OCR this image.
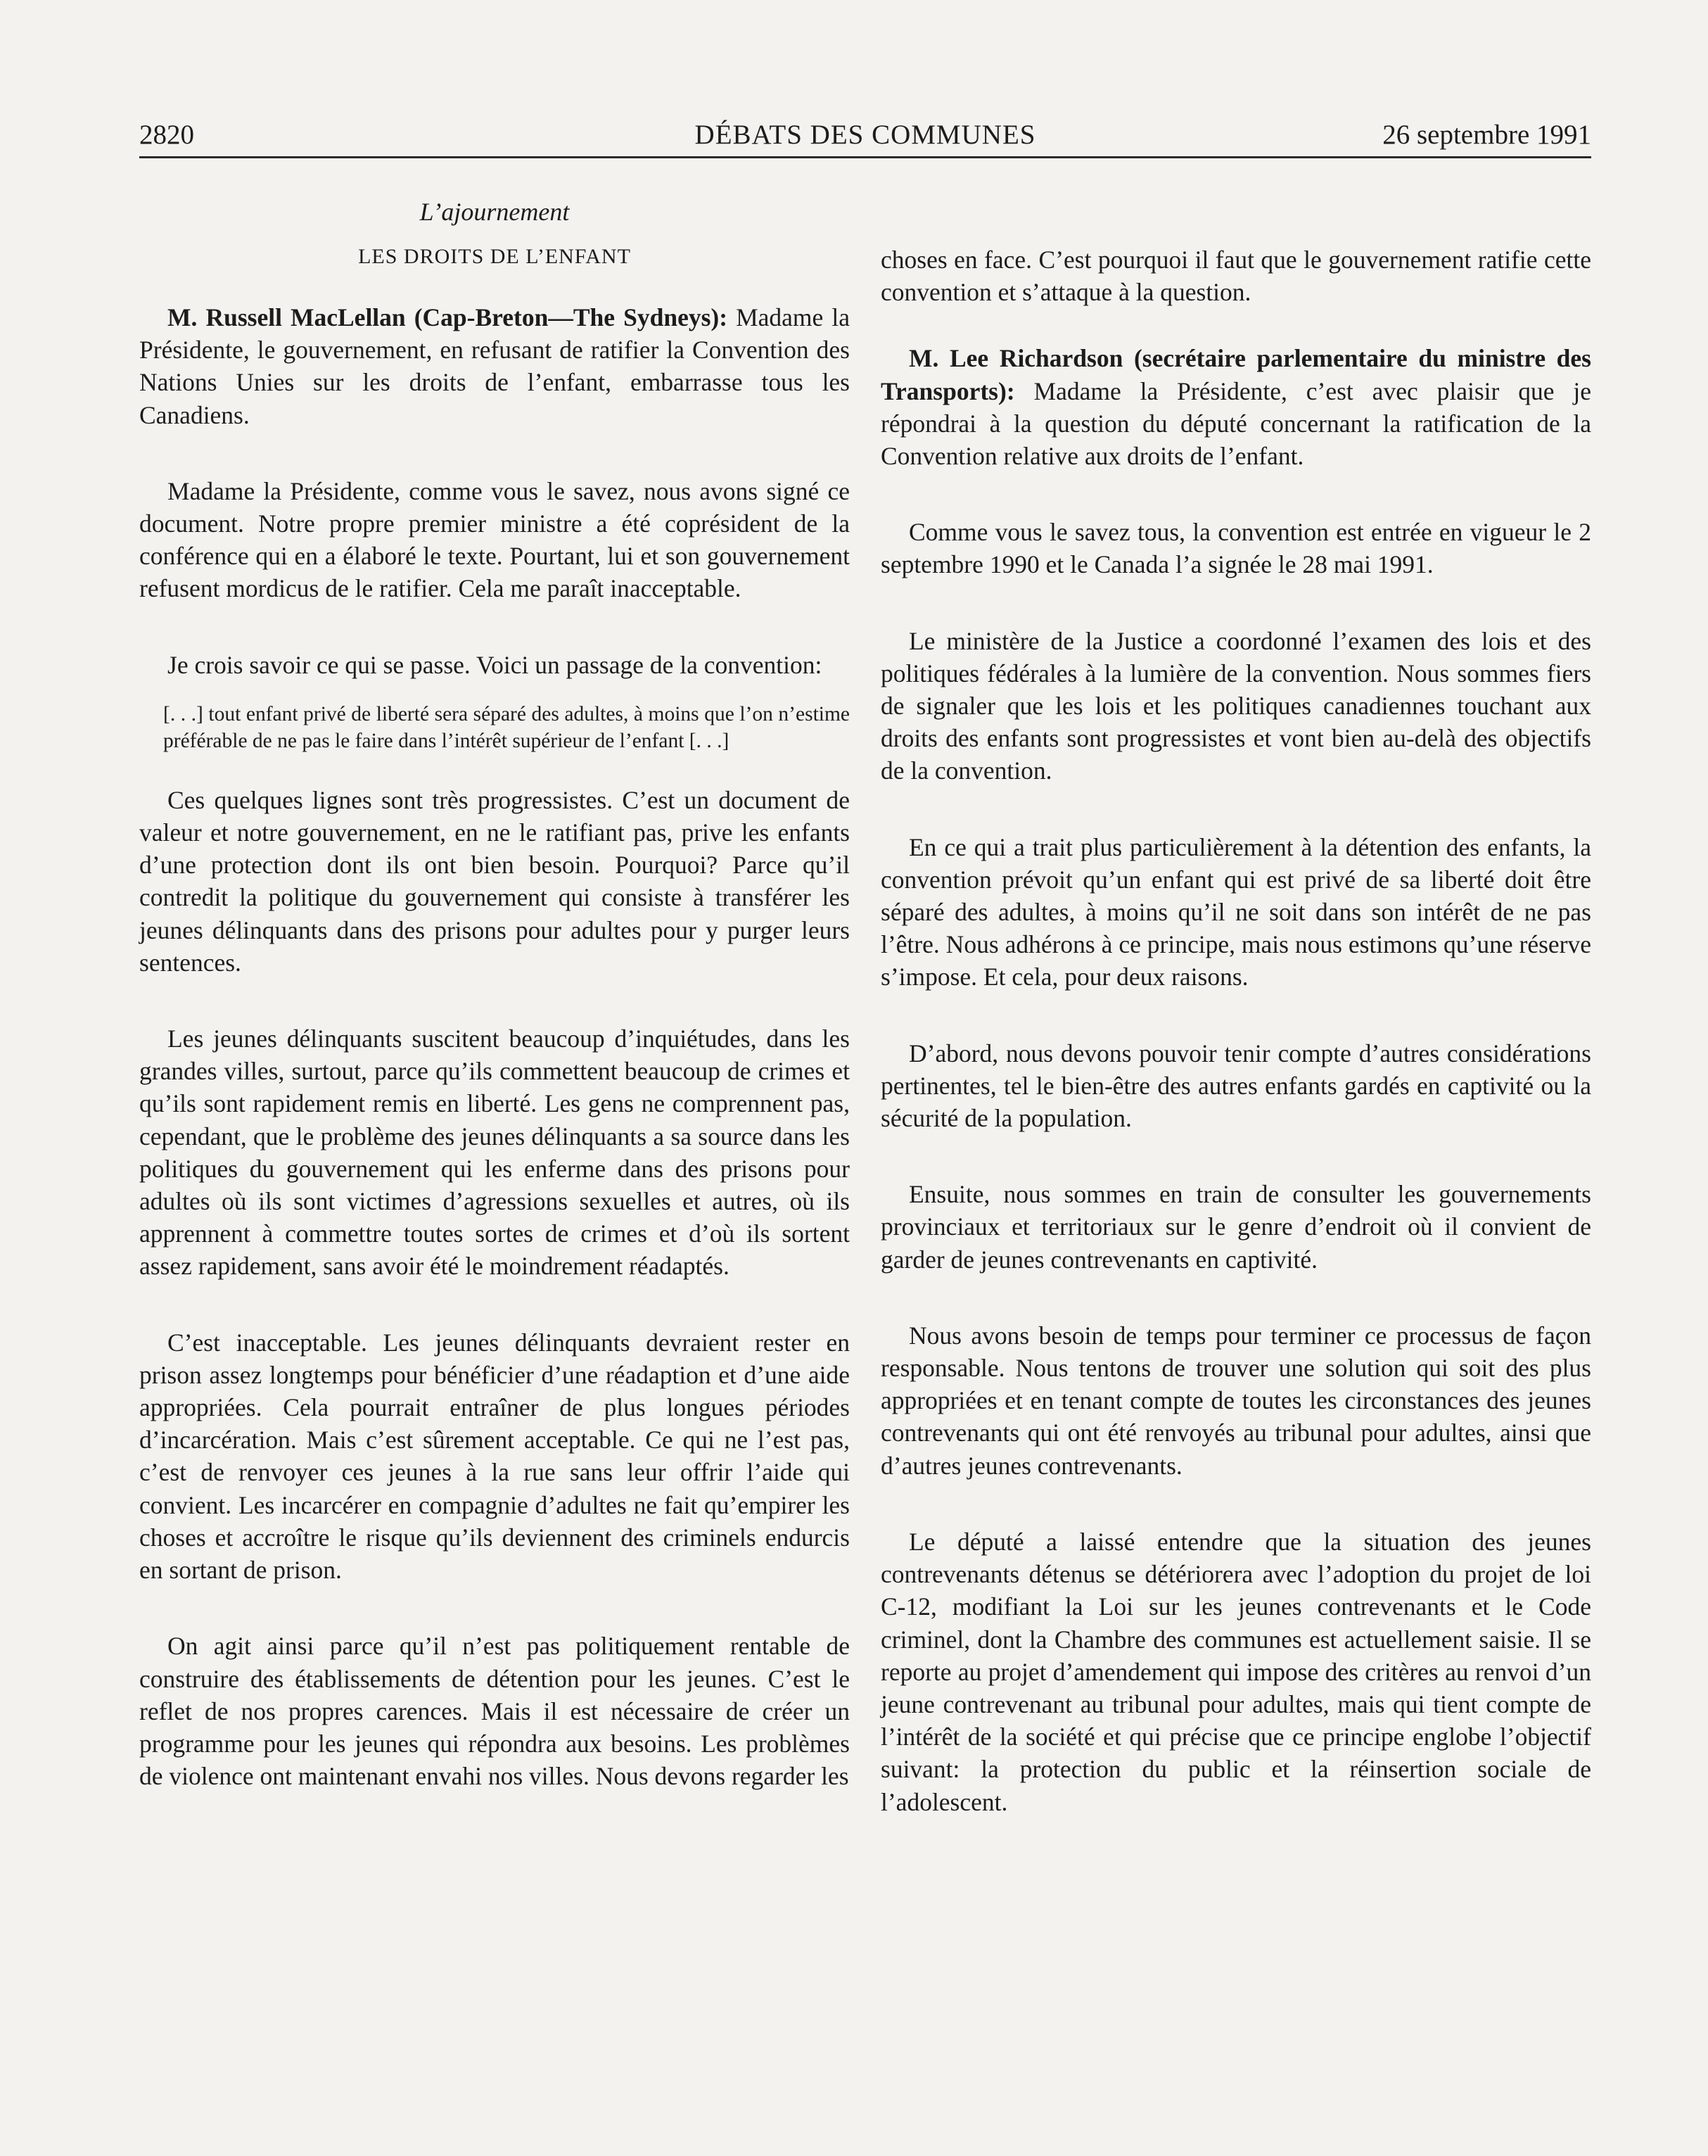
2820	DÉBATS DES COMMUNES	26 septembre 1991
L’ajournement
LES DROITS DE L’ENFANT

M. Russell MacLellan (Cap-Breton—The Sydneys): Madame la Présidente, le gouvernement, en refusant de ratifier la Convention des Nations Unies sur les droits de l’enfant, embarrasse tous les Canadiens.

Madame la Présidente, comme vous le savez, nous avons signé ce document. Notre propre premier ministre a été coprésident de la conférence qui en a élaboré le texte. Pourtant, lui et son gouvernement refusent mordicus de le ratifier. Cela me paraît inacceptable.

Je crois savoir ce qui se passe. Voici un passage de la convention:

[. . .] tout enfant privé de liberté sera séparé des adultes, à moins que l’on n’estime préférable de ne pas le faire dans l’intérêt supérieur de l’enfant [. . .]

Ces quelques lignes sont très progressistes. C’est un document de valeur et notre gouvernement, en ne le ratifiant pas, prive les enfants d’une protection dont ils ont bien besoin. Pourquoi? Parce qu’il contredit la politique du gouvernement qui consiste à transférer les jeunes délinquants dans des prisons pour adultes pour y purger leurs sentences.

Les jeunes délinquants suscitent beaucoup d’inquiétudes, dans les grandes villes, surtout, parce qu’ils commettent beaucoup de crimes et qu’ils sont rapidement remis en liberté. Les gens ne comprennent pas, cependant, que le problème des jeunes délinquants a sa source dans les politiques du gouvernement qui les enferme dans des prisons pour adultes où ils sont victimes d’agressions sexuelles et autres, où ils apprennent à commettre toutes sortes de crimes et d’où ils sortent assez rapidement, sans avoir été le moindrement réadaptés.

C’est inacceptable. Les jeunes délinquants devraient rester en prison assez longtemps pour bénéficier d’une réadaption et d’une aide appropriées. Cela pourrait entraîner de plus longues périodes d’incarcération. Mais c’est sûrement acceptable. Ce qui ne l’est pas, c’est de renvoyer ces jeunes à la rue sans leur offrir l’aide qui convient. Les incarcérer en compagnie d’adultes ne fait qu’empirer les choses et accroître le risque qu’ils deviennent des criminels endurcis en sortant de prison.

On agit ainsi parce qu’il n’est pas politiquement rentable de construire des établissements de détention pour les jeunes. C’est le reflet de nos propres carences. Mais il est nécessaire de créer un programme pour les jeunes qui répondra aux besoins. Les problèmes de violence ont maintenant envahi nos villes. Nous devons regarder les

choses en face. C’est pourquoi il faut que le gouvernement ratifie cette convention et s’attaque à la question.

M. Lee Richardson (secrétaire parlementaire du ministre des Transports): Madame la Présidente, c’est avec plaisir que je répondrai à la question du député concernant la ratification de la Convention relative aux droits de l’enfant.

Comme vous le savez tous, la convention est entrée en vigueur le 2 septembre 1990 et le Canada l’a signée le 28 mai 1991.

Le ministère de la Justice a coordonné l’examen des lois et des politiques fédérales à la lumière de la convention. Nous sommes fiers de signaler que les lois et les politiques canadiennes touchant aux droits des enfants sont progressistes et vont bien au-delà des objectifs de la convention.

En ce qui a trait plus particulièrement à la détention des enfants, la convention prévoit qu’un enfant qui est privé de sa liberté doit être séparé des adultes, à moins qu’il ne soit dans son intérêt de ne pas l’être. Nous adhérons à ce principe, mais nous estimons qu’une réserve s’impose. Et cela, pour deux raisons.

D’abord, nous devons pouvoir tenir compte d’autres considérations pertinentes, tel le bien-être des autres enfants gardés en captivité ou la sécurité de la population.

Ensuite, nous sommes en train de consulter les gouvernements provinciaux et territoriaux sur le genre d’endroit où il convient de garder de jeunes contrevenants en captivité.

Nous avons besoin de temps pour terminer ce processus de façon responsable. Nous tentons de trouver une solution qui soit des plus appropriées et en tenant compte de toutes les circonstances des jeunes contrevenants qui ont été renvoyés au tribunal pour adultes, ainsi que d’autres jeunes contrevenants.

Le député a laissé entendre que la situation des jeunes contrevenants détenus se détériorera avec l’adoption du projet de loi C-12, modifiant la Loi sur les jeunes contrevenants et le Code criminel, dont la Chambre des communes est actuellement saisie. Il se reporte au projet d’amendement qui impose des critères au renvoi d’un jeune contrevenant au tribunal pour adultes, mais qui tient compte de l’intérêt de la société et qui précise que ce principe englobe l’objectif suivant: la protection du public et la réinsertion sociale de l’adolescent.
